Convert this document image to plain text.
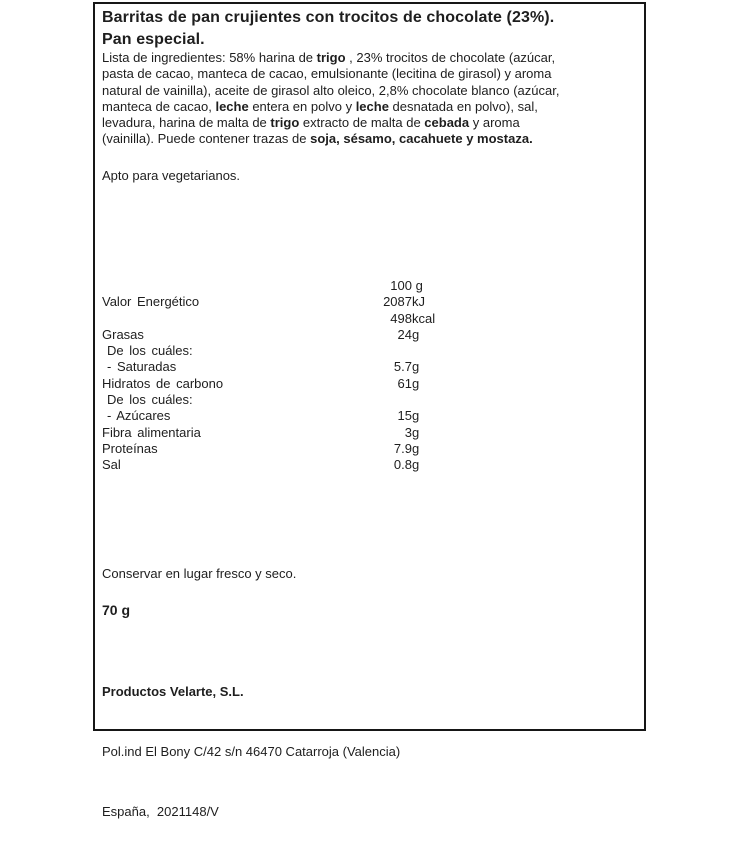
Barritas de pan crujientes con trocitos de chocolate (23%).
Pan especial.
Lista de ingredientes: 58% harina de trigo , 23% trocitos de chocolate (azúcar,
pasta de cacao, manteca de cacao, emulsionante (lecitina de girasol) y aroma
natural de vainilla), aceite de girasol alto oleico, 2,8% chocolate blanco (azúcar,
manteca de cacao, leche entera en polvo y leche desnatada en polvo), sal,
levadura, harina de malta de trigo extracto de malta de cebada y aroma
(vainilla). Puede contener trazas de soja, sésamo, cacahuete y mostaza.
Apto para vegetarianos.
100 g
Valor Energético	2087kJ
498kcal
Grasas	24g
De los cuáles:
- Saturadas	5.7g
Hidratos de carbono	61g
De los cuáles:
- Azúcares	15g
Fibra alimentaria	3g
Proteínas	7.9g
Sal	0.8g
Conservar en lugar fresco y seco.
70 g

Productos Velarte, S.L.

Pol.ind El Bony C/42 s/n 46470 Catarroja (Valencia)

España,  2021148/V
